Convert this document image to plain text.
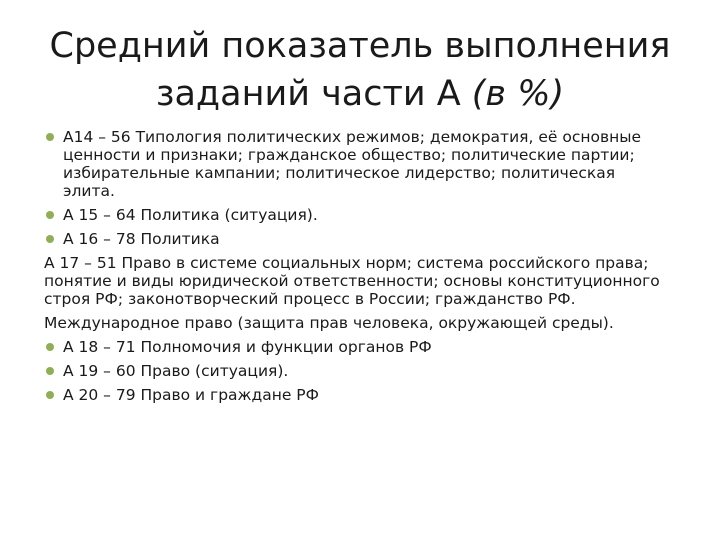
Средний показатель выполнения
заданий части А (в %)
А14 – 56 Типология политических режимов; демократия, её основные
ценности и признаки; гражданское общество; политические партии;
избирательные кампании; политическое лидерство; политическая
элита.
А 15 – 64 Политика (ситуация).
А 16 – 78 Политика
А 17 – 51 Право в системе социальных норм; система российского права;
понятие и виды юридической ответственности; основы конституционного
строя РФ; законотворческий процесс в России; гражданство РФ.
Международное право (защита прав человека, окружающей среды).
А 18 – 71 Полномочия и функции органов РФ
А 19 – 60 Право (ситуация).
А 20 – 79 Право и граждане РФ
